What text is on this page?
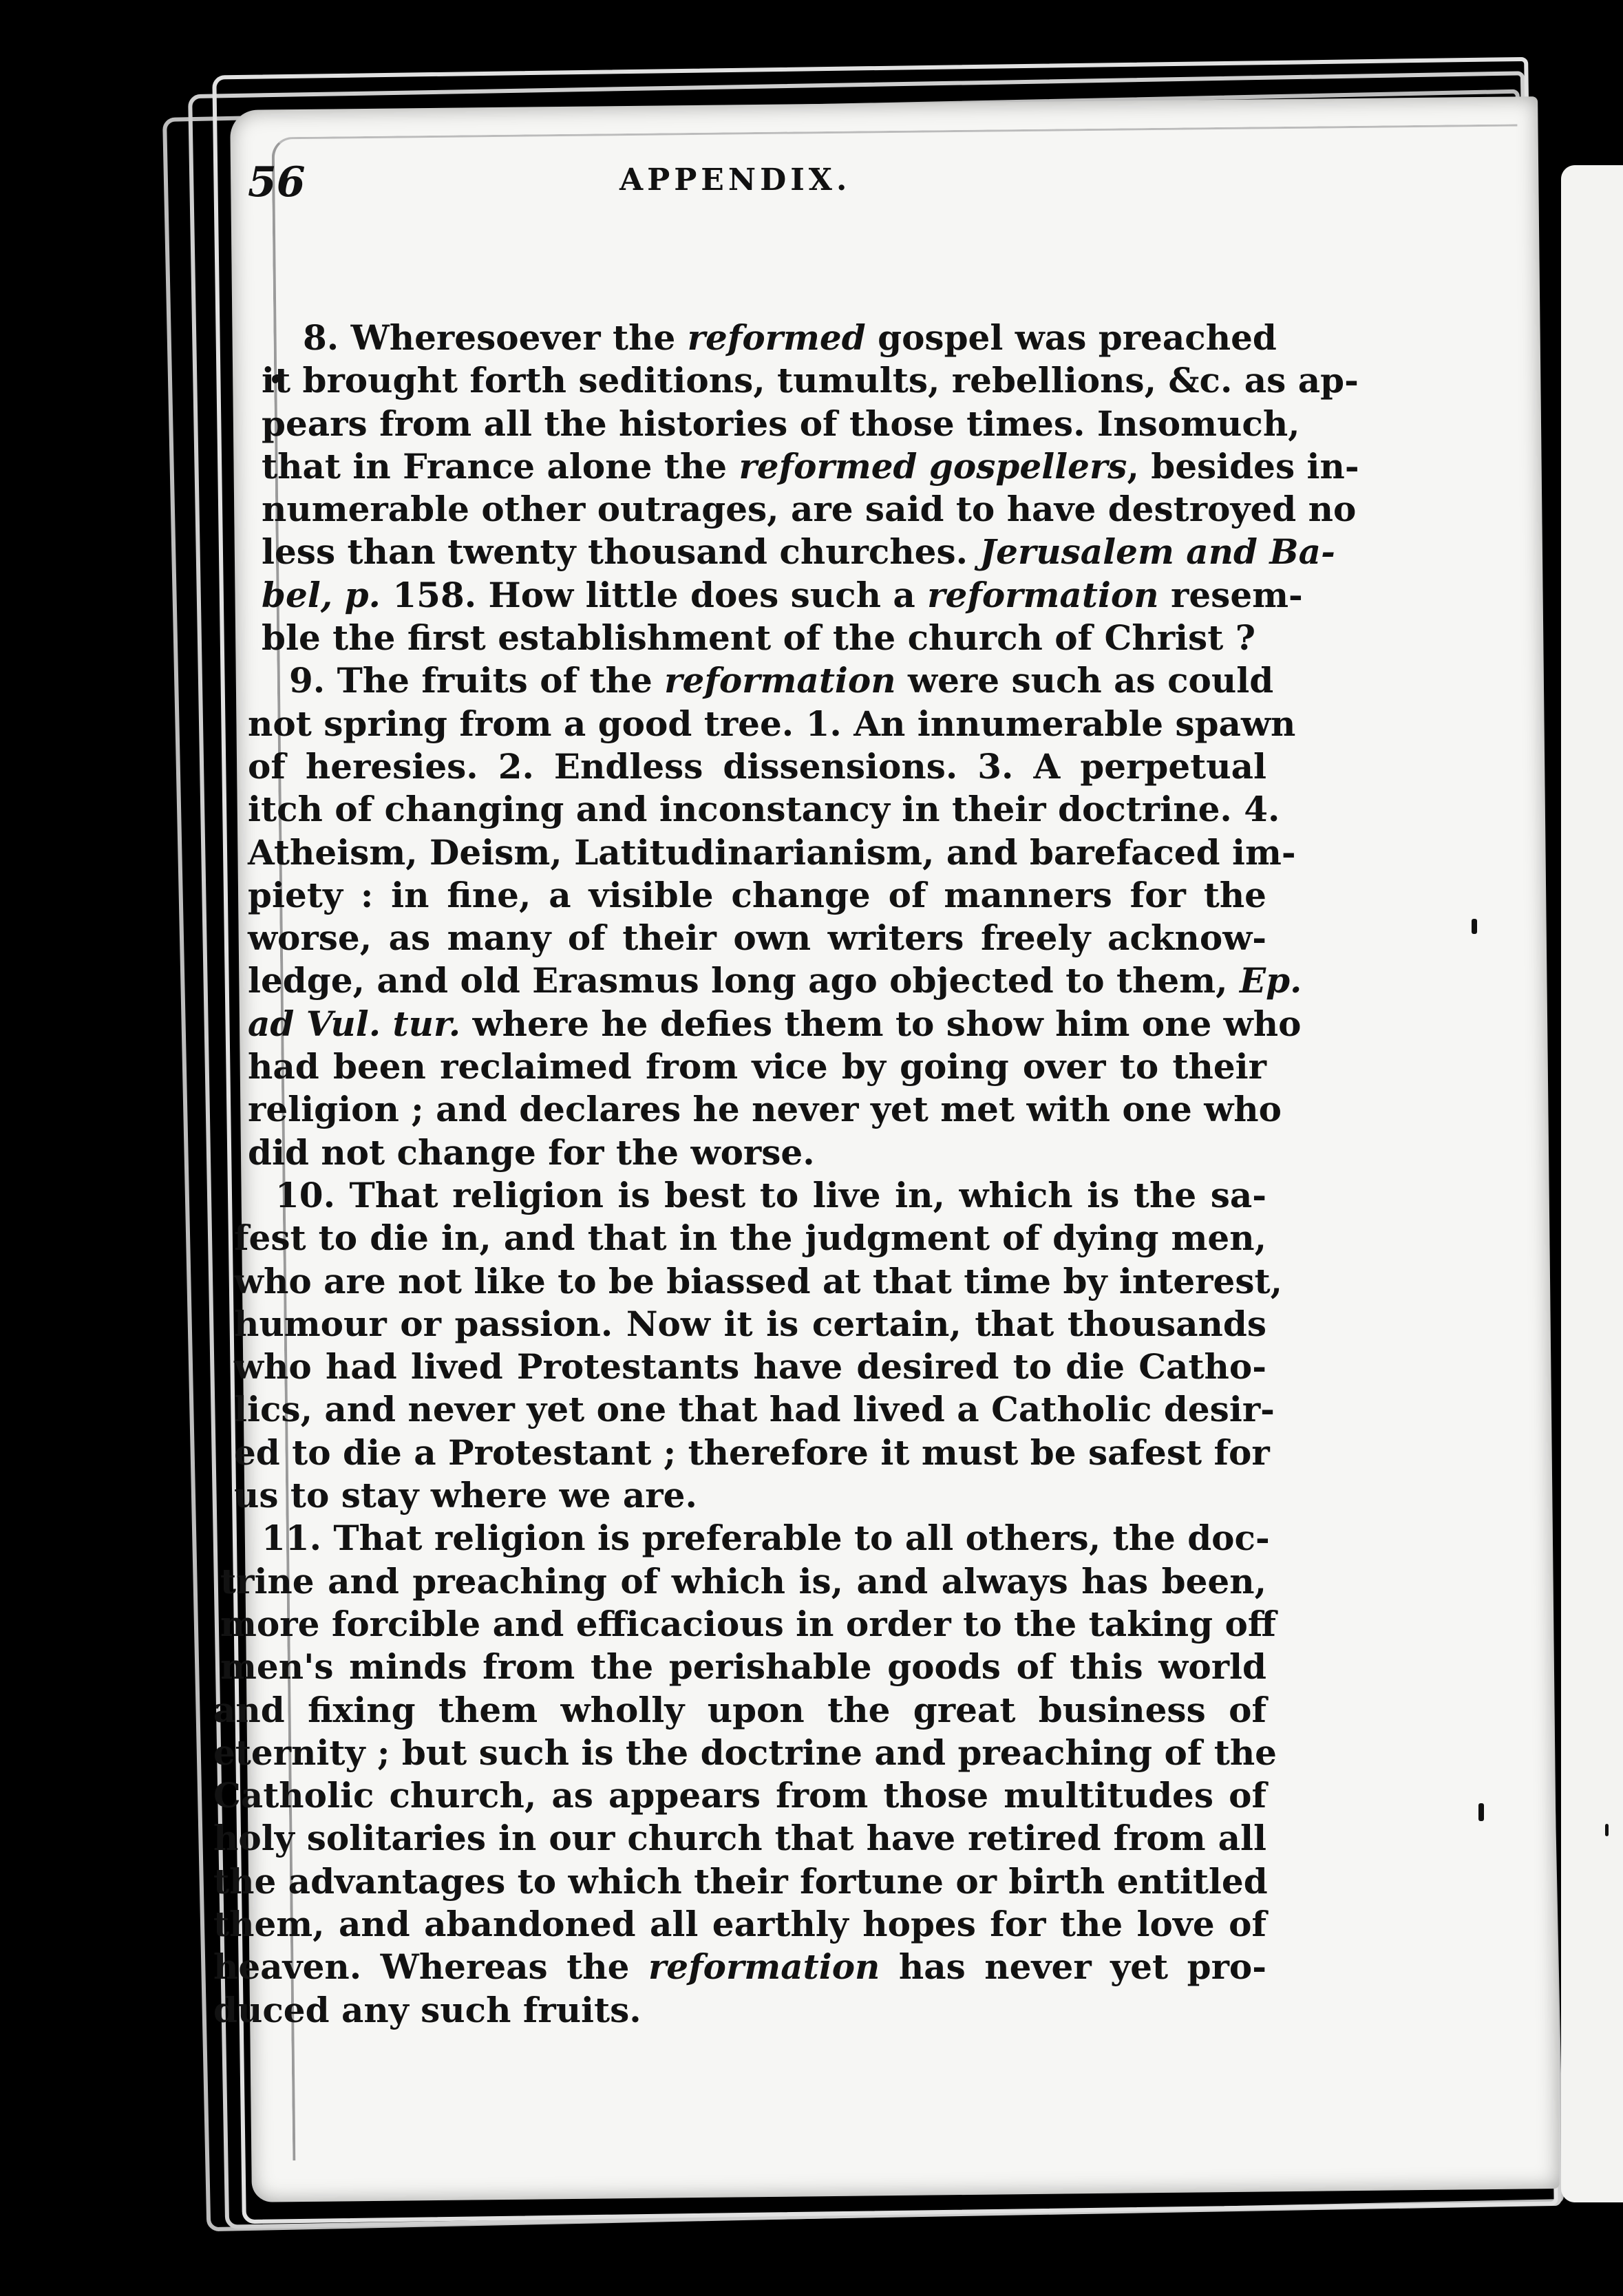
56	APPENDIX.
8. Wheresoever the reformed gospel was preached
it brought forth seditions, tumults, rebellions, &c. as ap-
pears from all the histories of those times. Insomuch,
that in France alone the reformed gospellers, besides in-
numerable other outrages, are said to have destroyed no
less than twenty thousand churches. Jerusalem and Ba-
bel, p. 158. How little does such a reformation resem-
ble the first establishment of the church of Christ ?
9. The fruits of the reformation were such as could
not spring from a good tree. 1. An innumerable spawn
of heresies. 2. Endless dissensions. 3. A perpetual
itch of changing and inconstancy in their doctrine. 4.
Atheism, Deism, Latitudinarianism, and barefaced im-
piety : in fine, a visible change of manners for the
worse, as many of their own writers freely acknow-
ledge, and old Erasmus long ago objected to them, Ep.
ad Vul. tur. where he defies them to show him one who
had been reclaimed from vice by going over to their
religion ; and declares he never yet met with one who
did not change for the worse.
10. That religion is best to live in, which is the sa-
fest to die in, and that in the judgment of dying men,
who are not like to be biassed at that time by interest,
humour or passion. Now it is certain, that thousands
who had lived Protestants have desired to die Catho-
lics, and never yet one that had lived a Catholic desir-
ed to die a Protestant ; therefore it must be safest for
us to stay where we are.
11. That religion is preferable to all others, the doc-
trine and preaching of which is, and always has been,
more forcible and efficacious in order to the taking off
men's minds from the perishable goods of this world
and fixing them wholly upon the great business of
eternity ; but such is the doctrine and preaching of the
Catholic church, as appears from those multitudes of
holy solitaries in our church that have retired from all
the advantages to which their fortune or birth entitled
them, and abandoned all earthly hopes for the love of
heaven. Whereas the reformation has never yet pro-
duced any such fruits.
